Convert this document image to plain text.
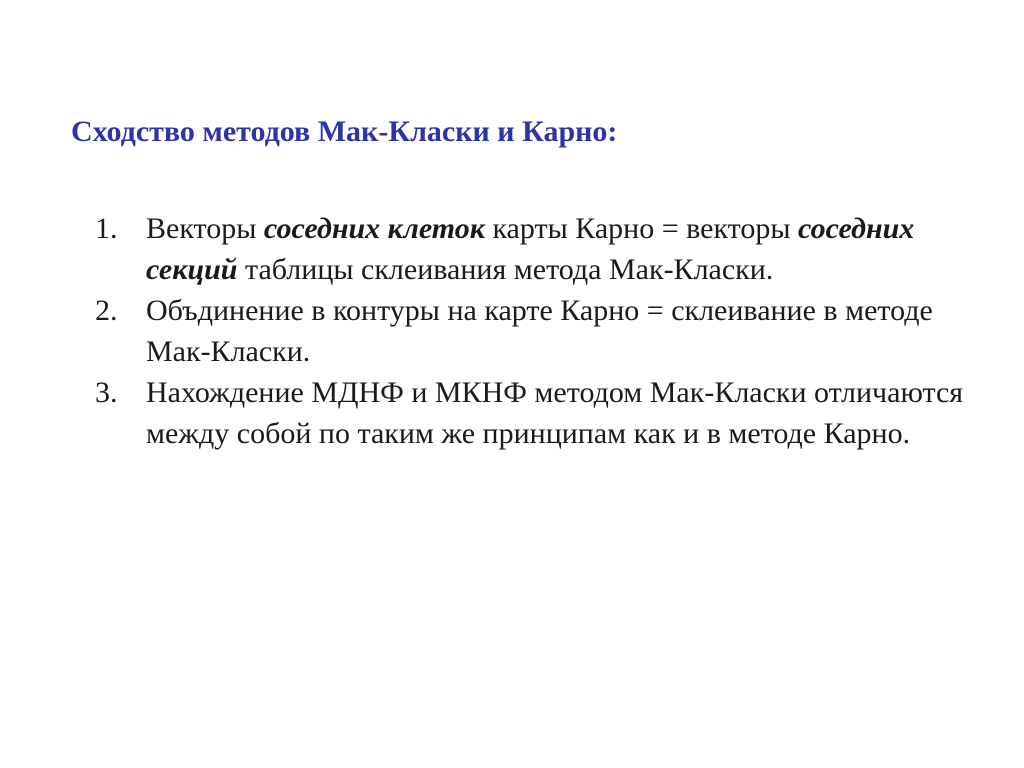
Сходство методов Мак-Класки и Карно:
1. Векторы соседних клеток карты Карно = векторы соседних секций таблицы склеивания метода Мак-Класки.
2. Объдинение в контуры на карте Карно = склеивание в методе Мак-Класки.
3. Нахождение МДНФ и МКНФ методом Мак-Класки отличаются между собой по таким же принципам как и в методе Карно.
